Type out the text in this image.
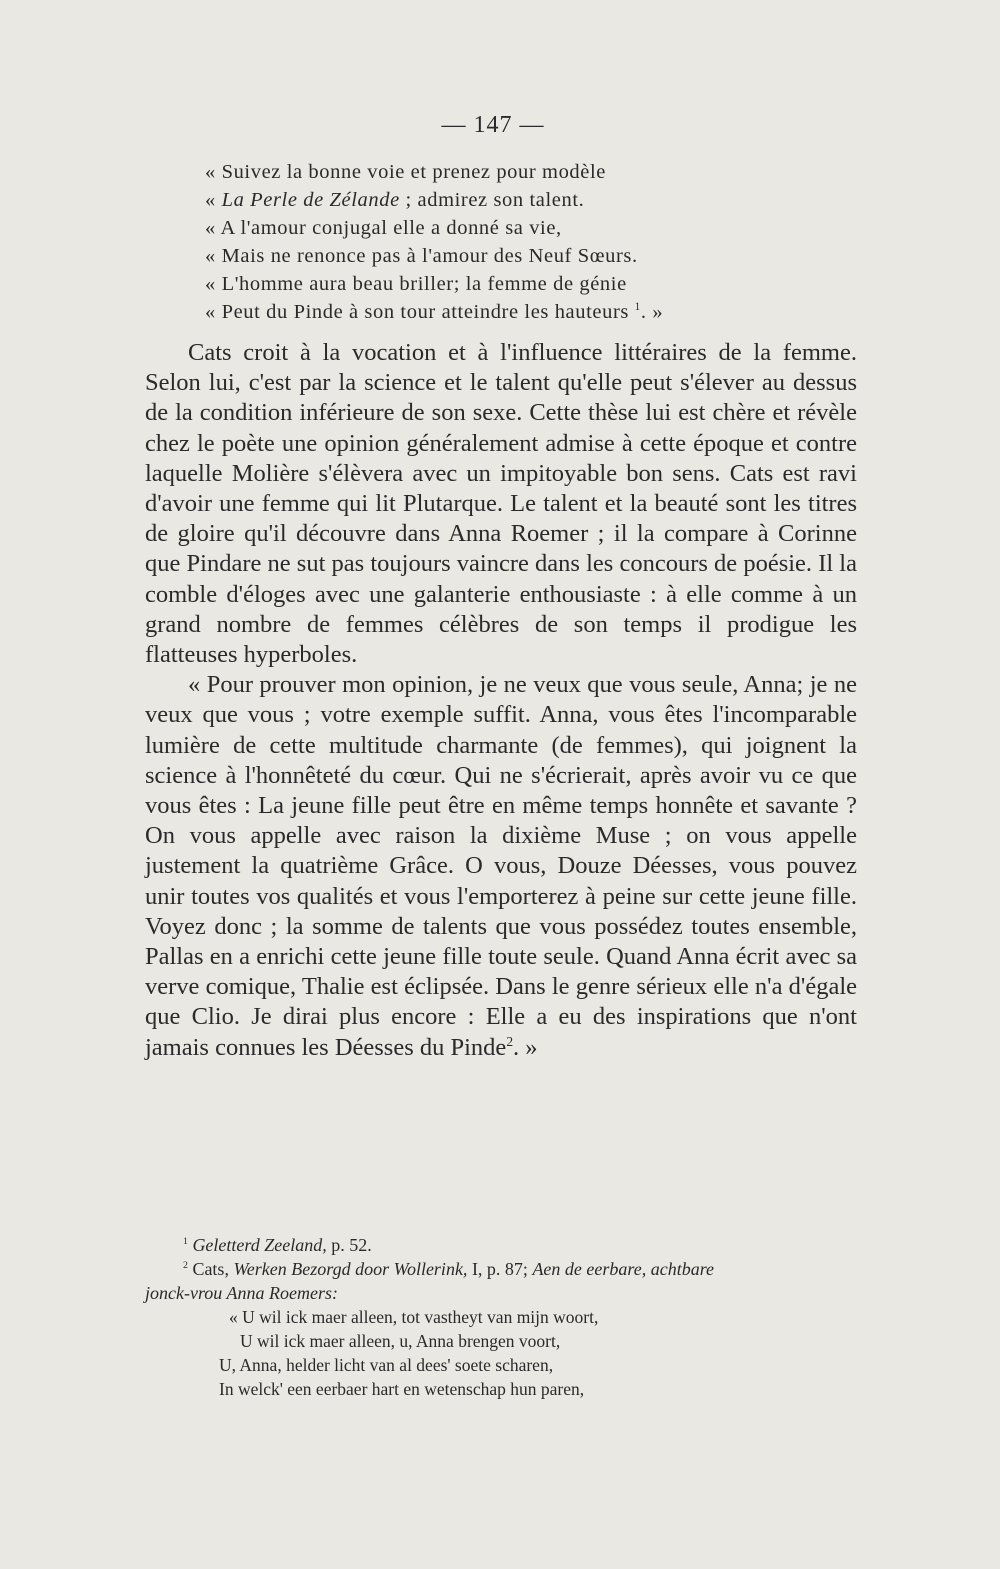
— 147 —
« Suivez la bonne voie et prenez pour modèle
« La Perle de Zélande ; admirez son talent.
« A l'amour conjugal elle a donné sa vie,
« Mais ne renonce pas à l'amour des Neuf Sœurs.
« L'homme aura beau briller; la femme de génie
« Peut du Pinde à son tour atteindre les hauteurs $^1$. »

Cats croit à la vocation et à l'influence littéraires de la femme. Selon lui, c'est par la science et le talent qu'elle peut s'élever au dessus de la condition inférieure de son sexe. Cette thèse lui est chère et révèle chez le poète une opinion généralement admise à cette époque et contre laquelle Molière s'élèvera avec un impitoyable bon sens. Cats est ravi d'avoir une femme qui lit Plutarque. Le talent et la beauté sont les titres de gloire qu'il découvre dans Anna Roemer ; il la compare à Corinne que Pindare ne sut pas toujours vaincre dans les concours de poésie. Il la comble d'éloges avec une galanterie enthousiaste : à elle comme à un grand nombre de femmes célèbres de son temps il prodigue les flatteuses hyperboles.

« Pour prouver mon opinion, je ne veux que vous seule, Anna; je ne veux que vous ; votre exemple suffit. Anna, vous êtes l'incomparable lumière de cette multitude charmante (de femmes), qui joignent la science à l'honnêteté du cœur. Qui ne s'écrierait, après avoir vu ce que vous êtes : La jeune fille peut être en même temps honnête et savante ? On vous appelle avec raison la dixième Muse ; on vous appelle justement la quatrième Grâce. O vous, Douze Déesses, vous pouvez unir toutes vos qualités et vous l'emporterez à peine sur cette jeune fille. Voyez donc ; la somme de talents que vous possédez toutes ensemble, Pallas en a enrichi cette jeune fille toute seule. Quand Anna écrit avec sa verve comique, Thalie est éclipsée. Dans le genre sérieux elle n'a d'égale que Clio. Je dirai plus encore : Elle a eu des inspirations que n'ont jamais connues les Déesses du Pinde$^2$. »

$^1$ Geletterd Zeeland, p. 52.
$^2$ Cats, Werken Bezorgd door Wollerink, I, p. 87; Aen de eerbare, achtbare
jonck-vrou Anna Roemers:
« U wil ick maer alleen, tot vastheyt van mijn woort,
U wil ick maer alleen, u, Anna brengen voort,
U, Anna, helder licht van al dees' soete scharen,
In welck' een eerbaer hart en wetenschap hun paren,
